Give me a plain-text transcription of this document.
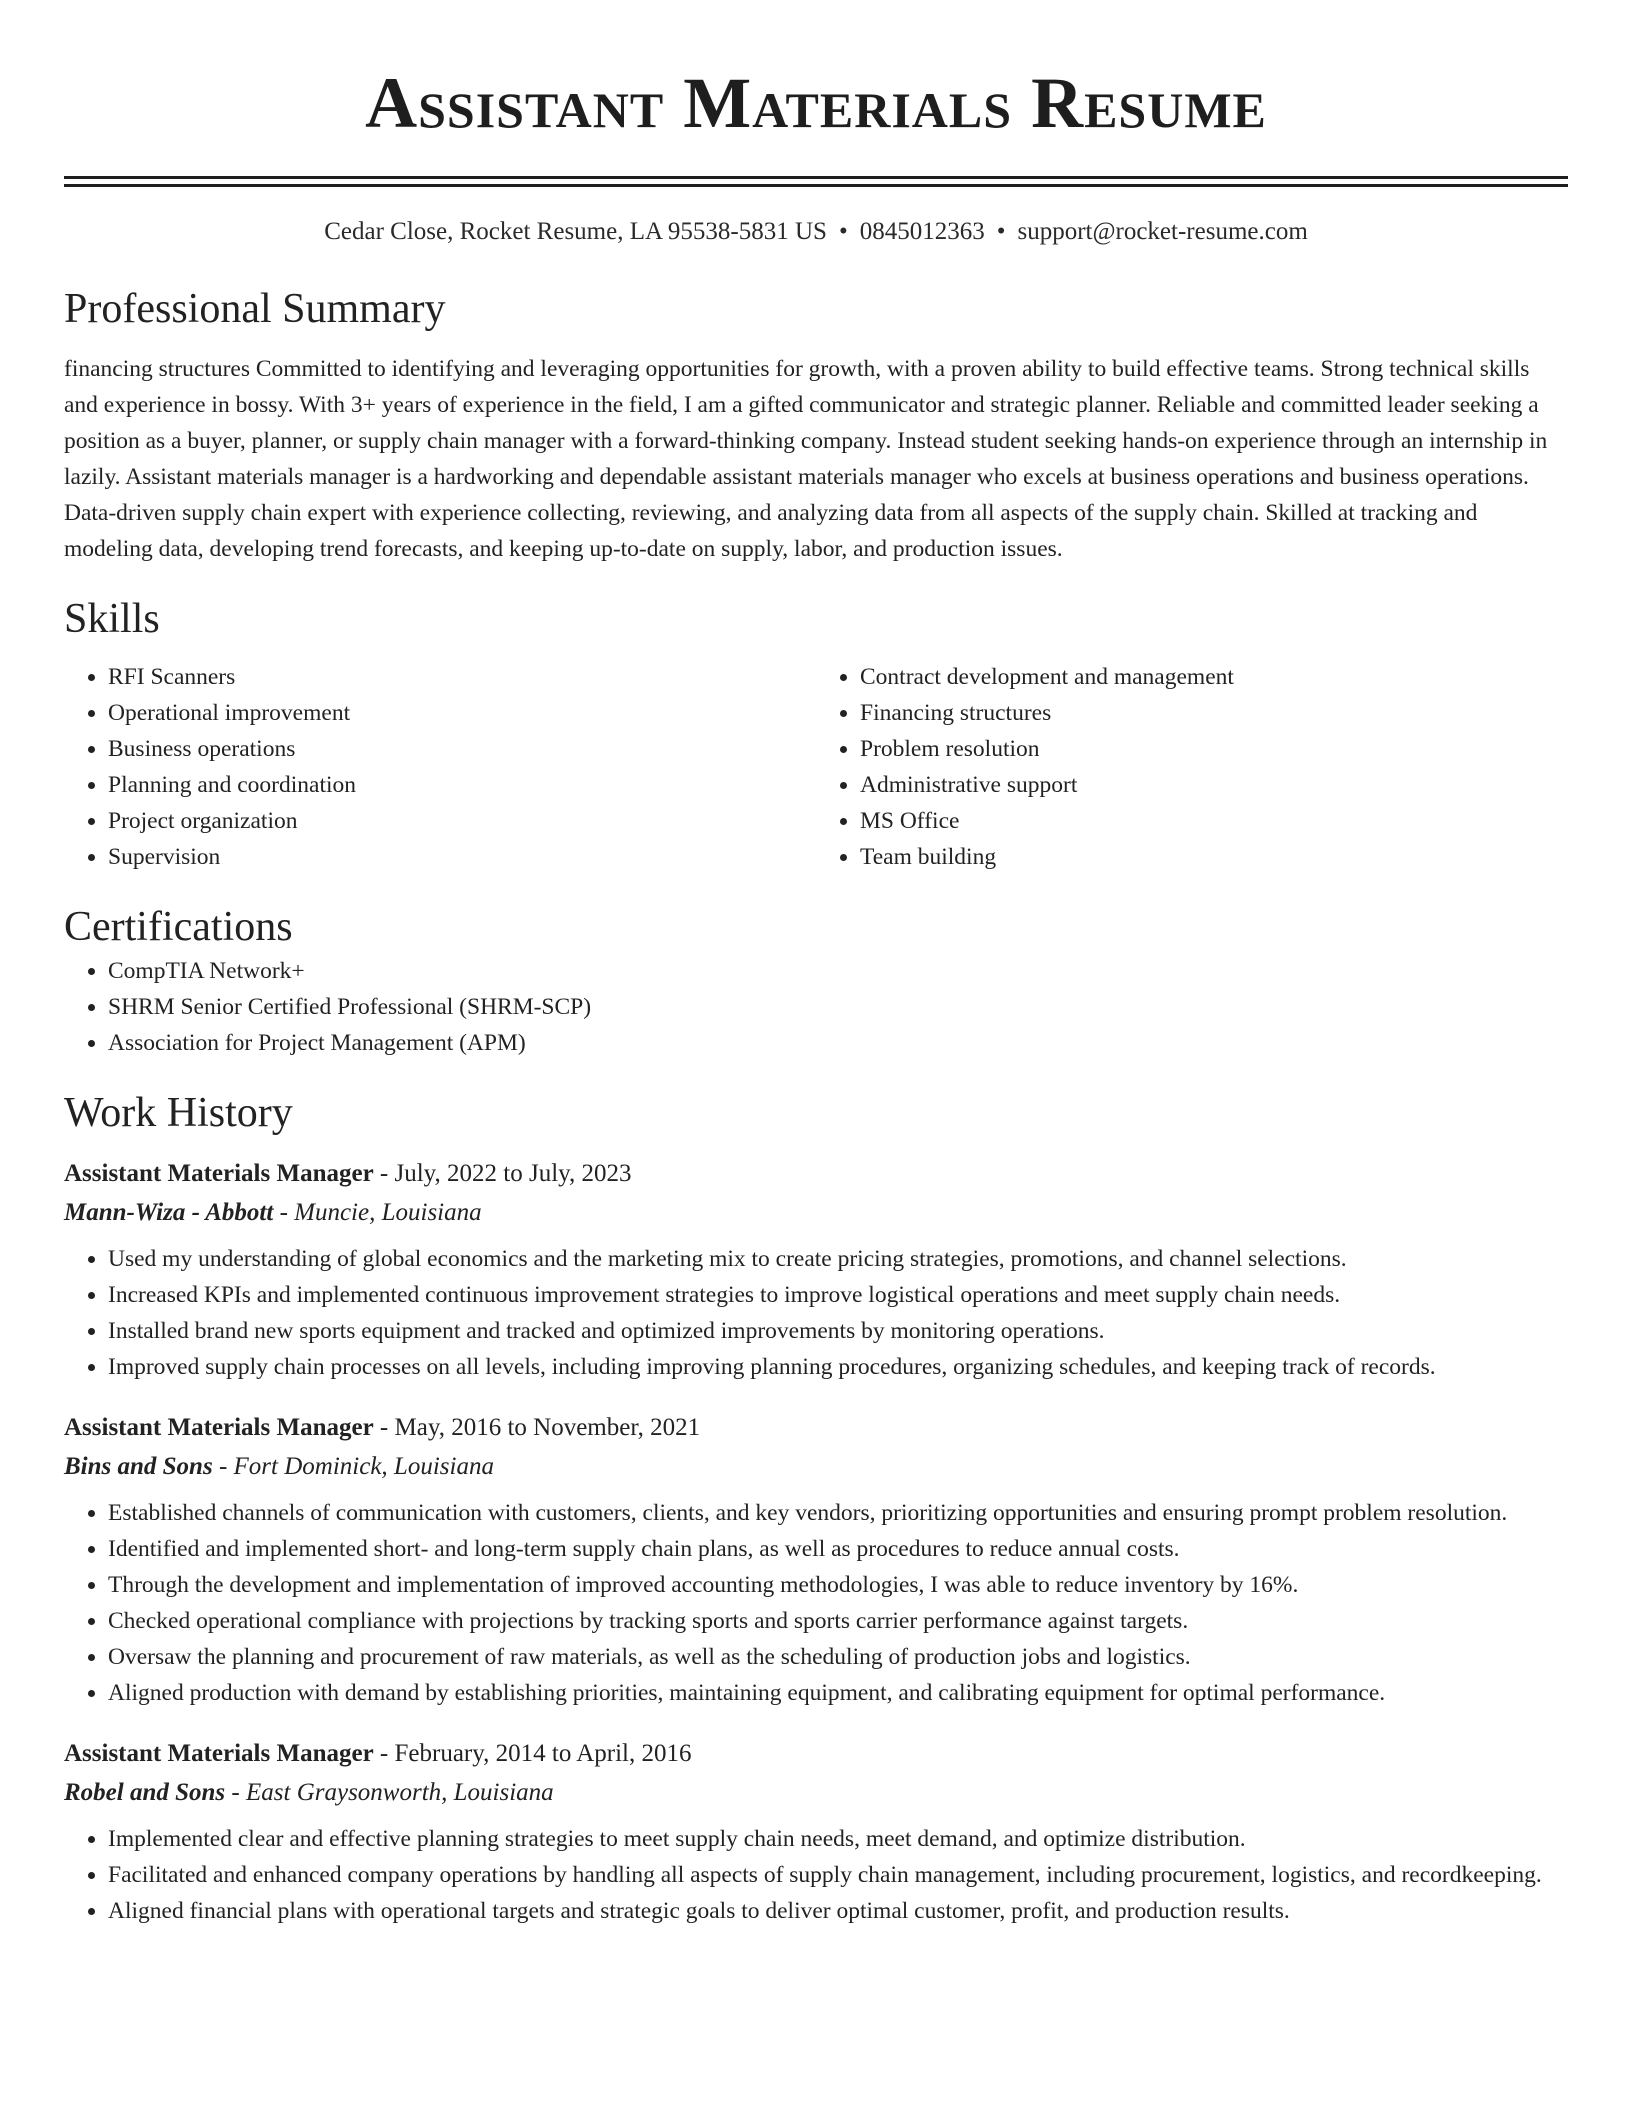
Assistant Materials Resume
Cedar Close, Rocket Resume, LA 95538-5831 US • 0845012363 • support@rocket-resume.com
Professional Summary

financing structures Committed to identifying and leveraging opportunities for growth, with a proven ability to build effective teams. Strong technical skills and experience in bossy. With 3+ years of experience in the field, I am a gifted communicator and strategic planner. Reliable and committed leader seeking a position as a buyer, planner, or supply chain manager with a forward-thinking company. Instead student seeking hands-on experience through an internship in lazily. Assistant materials manager is a hardworking and dependable assistant materials manager who excels at business operations and business operations. Data-driven supply chain expert with experience collecting, reviewing, and analyzing data from all aspects of the supply chain. Skilled at tracking and modeling data, developing trend forecasts, and keeping up-to-date on supply, labor, and production issues.

Skills
• RFI Scanners
• Operational improvement
• Business operations
• Planning and coordination
• Project organization
• Supervision
• Contract development and management
• Financing structures
• Problem resolution
• Administrative support
• MS Office
• Team building
Certifications
• CompTIA Network+
• SHRM Senior Certified Professional (SHRM-SCP)
• Association for Project Management (APM)
Work History
Assistant Materials Manager - July, 2022 to July, 2023
Mann-Wiza - Abbott - Muncie, Louisiana
• Used my understanding of global economics and the marketing mix to create pricing strategies, promotions, and channel selections.
• Increased KPIs and implemented continuous improvement strategies to improve logistical operations and meet supply chain needs.
• Installed brand new sports equipment and tracked and optimized improvements by monitoring operations.
• Improved supply chain processes on all levels, including improving planning procedures, organizing schedules, and keeping track of records.
Assistant Materials Manager - May, 2016 to November, 2021
Bins and Sons - Fort Dominick, Louisiana
• Established channels of communication with customers, clients, and key vendors, prioritizing opportunities and ensuring prompt problem resolution.
• Identified and implemented short- and long-term supply chain plans, as well as procedures to reduce annual costs.
• Through the development and implementation of improved accounting methodologies, I was able to reduce inventory by 16%.
• Checked operational compliance with projections by tracking sports and sports carrier performance against targets.
• Oversaw the planning and procurement of raw materials, as well as the scheduling of production jobs and logistics.
• Aligned production with demand by establishing priorities, maintaining equipment, and calibrating equipment for optimal performance.
Assistant Materials Manager - February, 2014 to April, 2016
Robel and Sons - East Graysonworth, Louisiana
• Implemented clear and effective planning strategies to meet supply chain needs, meet demand, and optimize distribution.
• Facilitated and enhanced company operations by handling all aspects of supply chain management, including procurement, logistics, and recordkeeping.
• Aligned financial plans with operational targets and strategic goals to deliver optimal customer, profit, and production results.
